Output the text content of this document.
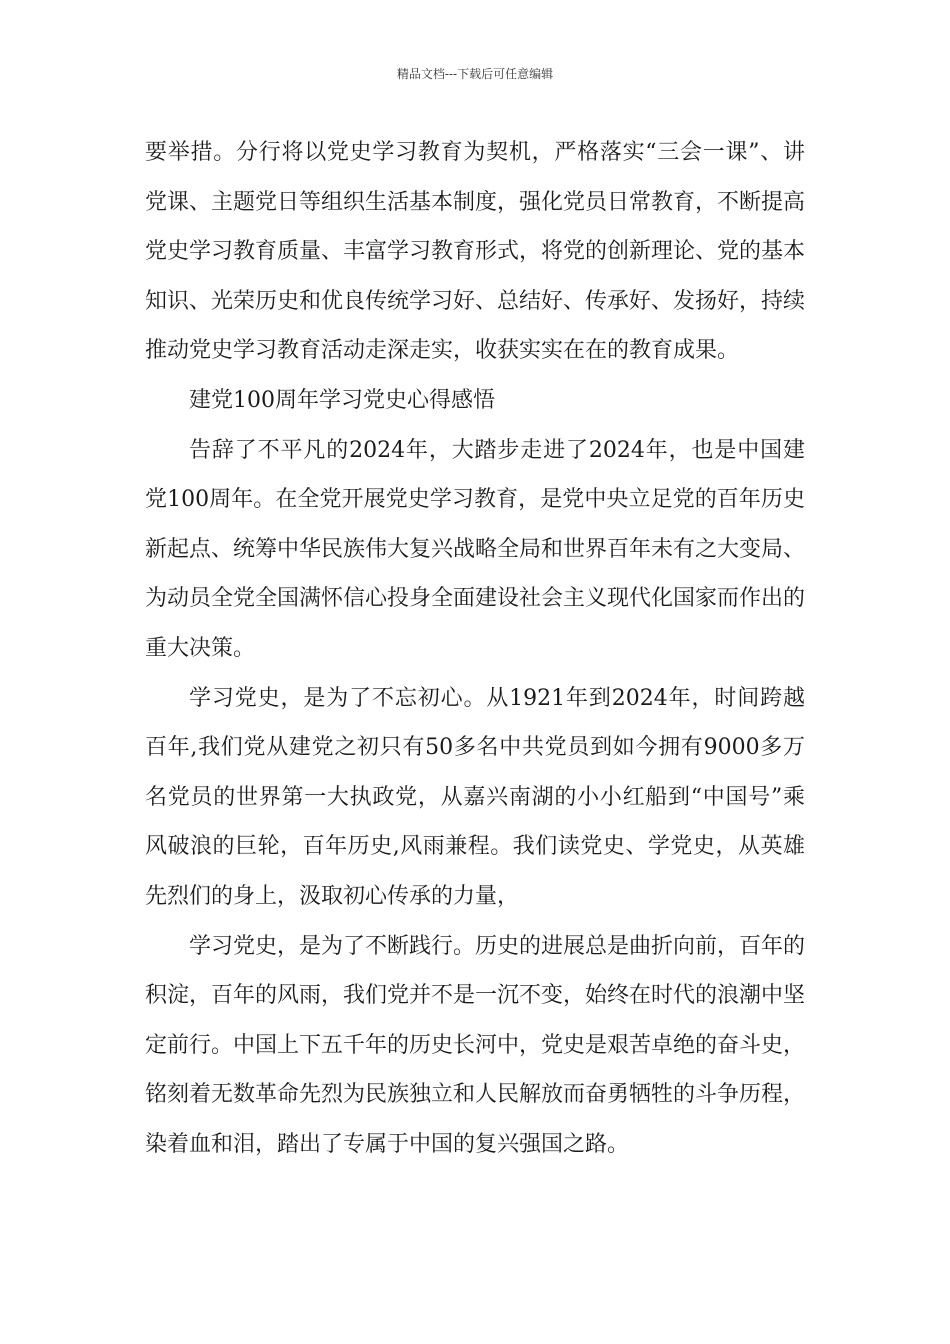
精品文档---下载后可任意编辑

要举措。分行将以党史学习教育为契机，严格落实“三会一课”、讲党课、主题党日等组织生活基本制度，强化党员日常教育，不断提高党史学习教育质量、丰富学习教育形式，将党的创新理论、党的基本知识、光荣历史和优良传统学习好、总结好、传承好、发扬好，持续推动党史学习教育活动走深走实，收获实实在在的教育成果。

建党100周年学习党史心得感悟

告辞了不平凡的2024年，大踏步走进了2024年，也是中国建党100周年。在全党开展党史学习教育，是党中央立足党的百年历史新起点、统筹中华民族伟大复兴战略全局和世界百年未有之大变局、为动员全党全国满怀信心投身全面建设社会主义现代化国家而作出的重大决策。

学习党史，是为了不忘初心。从1921年到2024年，时间跨越百年,我们党从建党之初只有50多名中共党员到如今拥有9000多万名党员的世界第一大执政党，从嘉兴南湖的小小红船到“中国号”乘风破浪的巨轮，百年历史,风雨兼程。我们读党史、学党史，从英雄先烈们的身上，汲取初心传承的力量，

学习党史，是为了不断践行。历史的进展总是曲折向前，百年的积淀，百年的风雨，我们党并不是一沉不变，始终在时代的浪潮中坚定前行。中国上下五千年的历史长河中，党史是艰苦卓绝的奋斗史，铭刻着无数革命先烈为民族独立和人民解放而奋勇牺牲的斗争历程，染着血和泪，踏出了专属于中国的复兴强国之路。
